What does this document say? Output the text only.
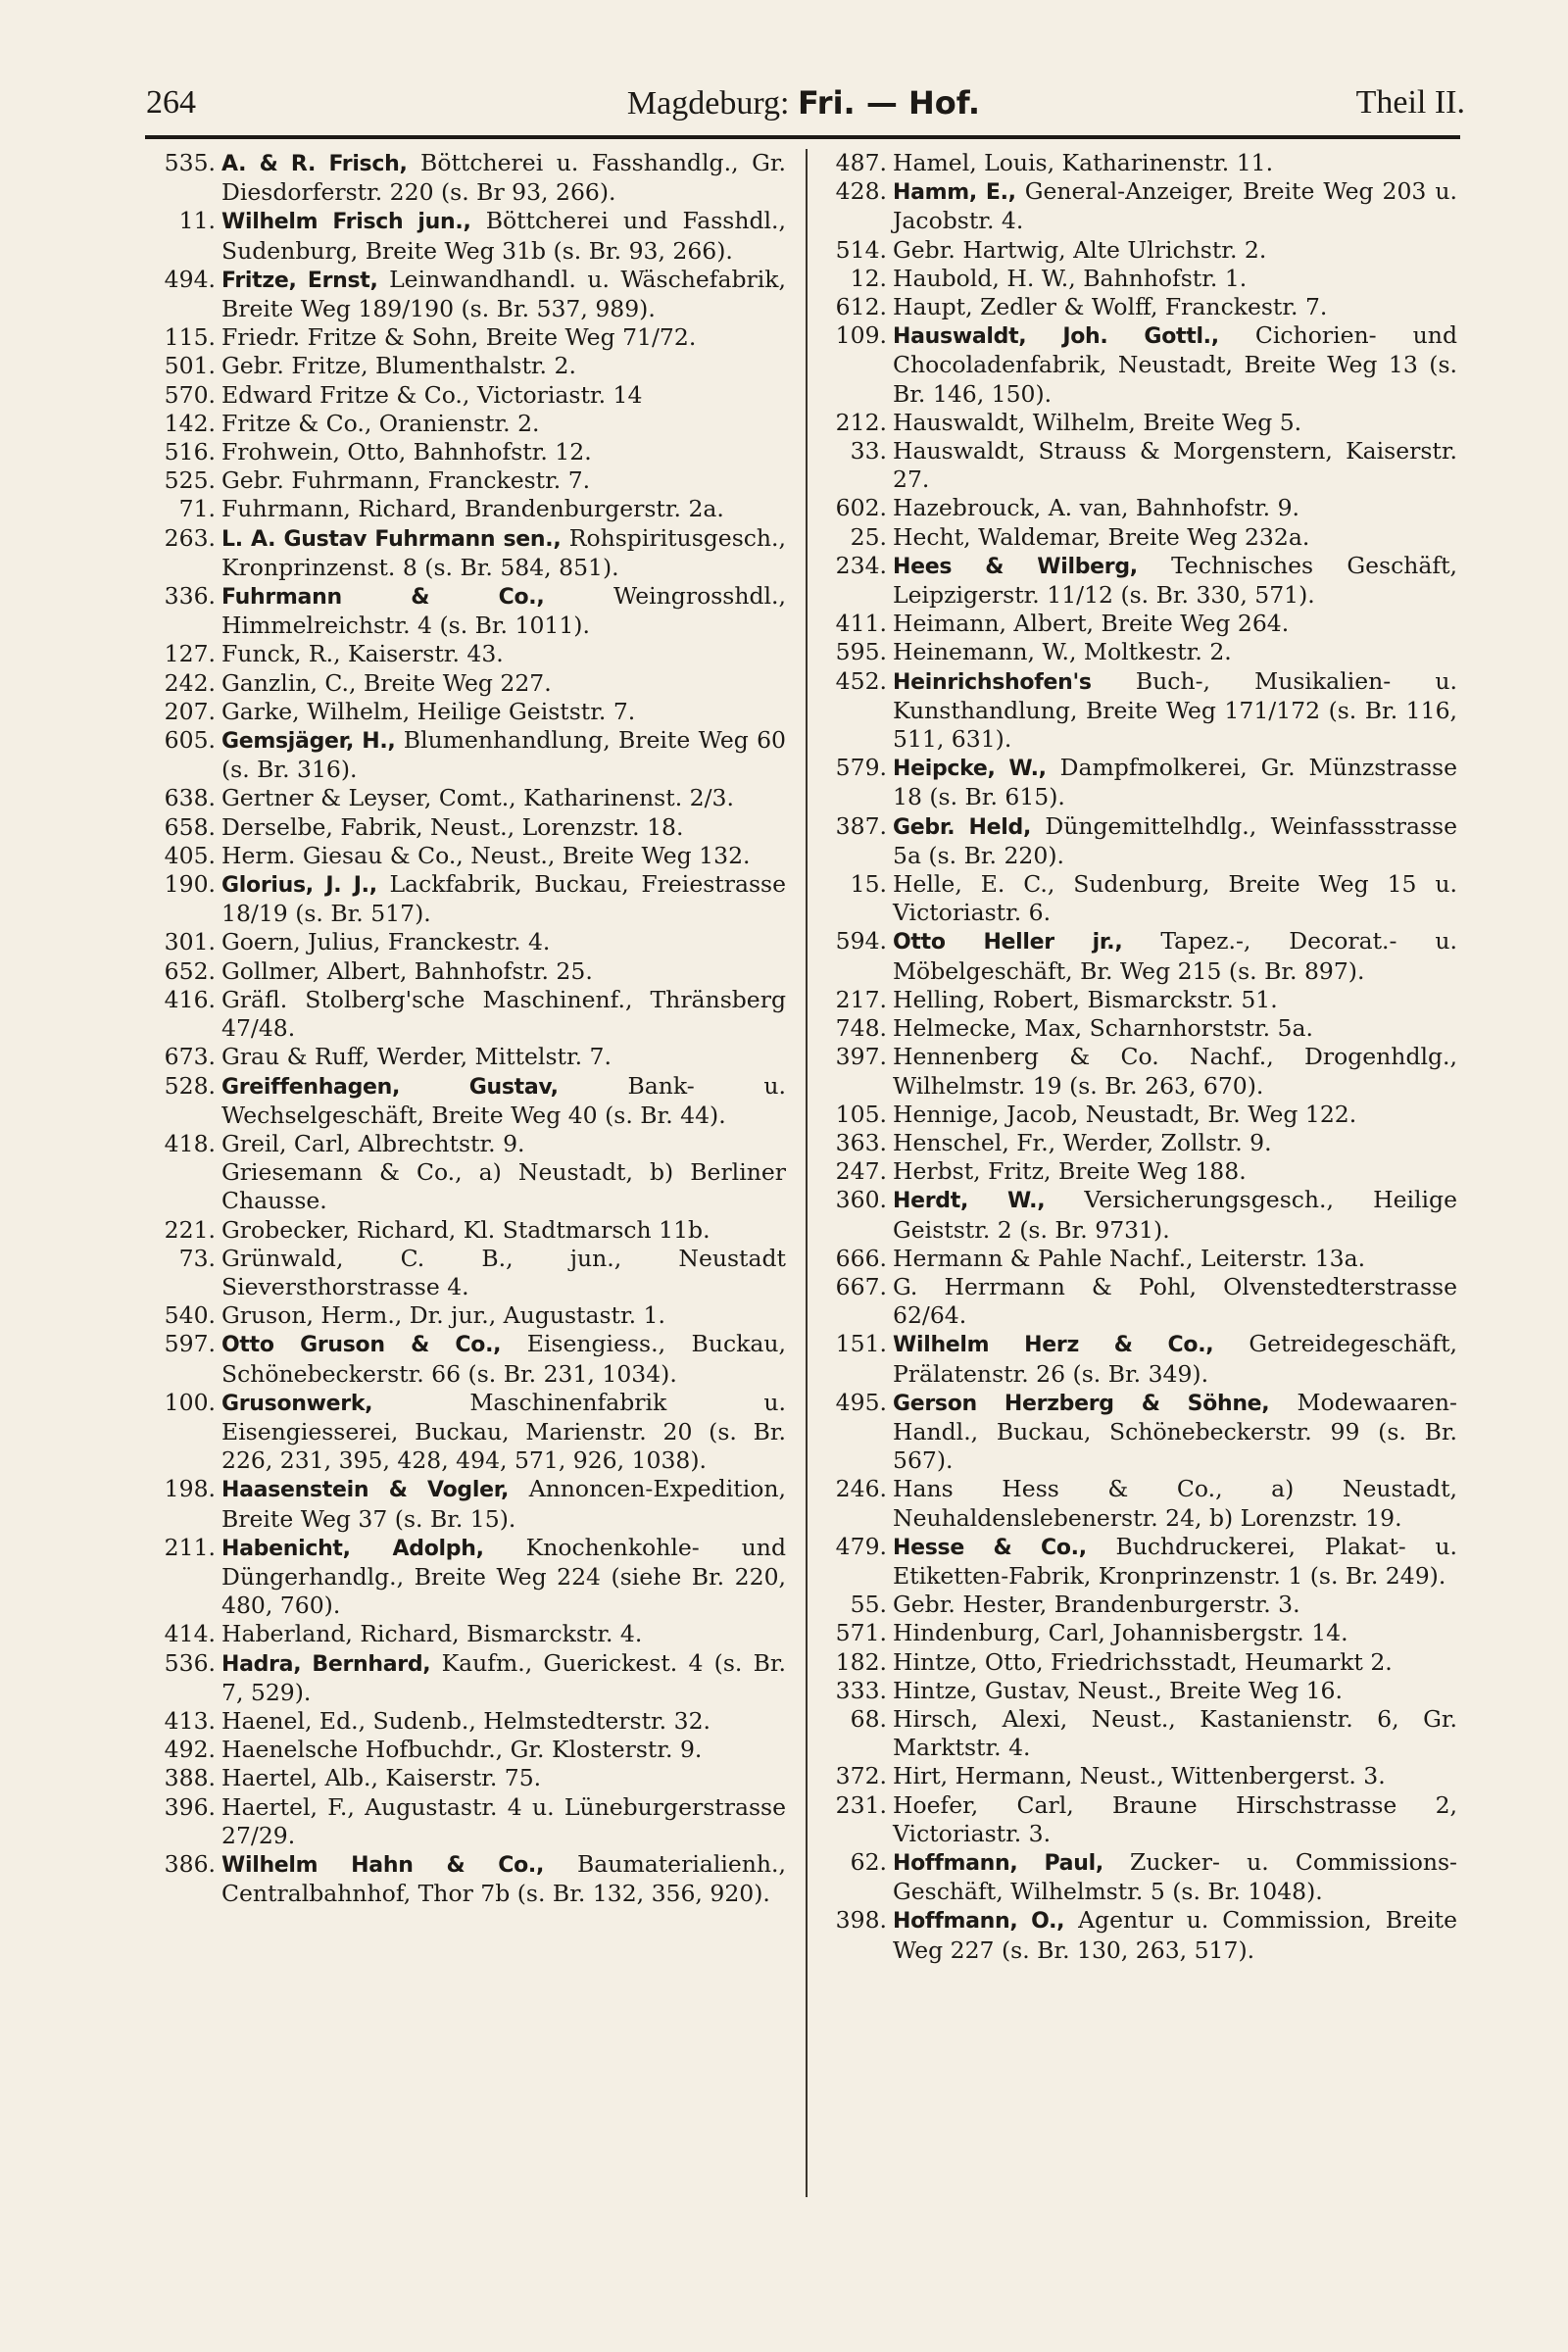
264	Magdeburg: Fri. — Hof.	Theil II.
535. A. & R. Frisch, Böttcherei u. Fasshandlg., Gr. Diesdorferstr. 220 (s. Br 93, 266).
11. Wilhelm Frisch jun., Böttcherei und Fasshdl., Sudenburg, Breite Weg 31b (s. Br. 93, 266).
494. Fritze, Ernst, Leinwandhandl. u. Wäschefabrik, Breite Weg 189/190 (s. Br. 537, 989).
115. Friedr. Fritze & Sohn, Breite Weg 71/72.
501. Gebr. Fritze, Blumenthalstr. 2.
570. Edward Fritze & Co., Victoriastr. 14
142. Fritze & Co., Oranienstr. 2.
516. Frohwein, Otto, Bahnhofstr. 12.
525. Gebr. Fuhrmann, Franckestr. 7.
71. Fuhrmann, Richard, Brandenburgerstr. 2a.
263. L. A. Gustav Fuhrmann sen., Rohspiritusgesch., Kronprinzenst. 8 (s. Br. 584, 851).
336. Fuhrmann & Co.,	Weingrosshdl., Himmelreichstr. 4 (s. Br. 1011).
127. Funck, R., Kaiserstr. 43.
242. Ganzlin, C., Breite Weg 227.
207. Garke, Wilhelm, Heilige Geiststr. 7.
605. Gemsjäger, H., Blumenhandlung, Breite Weg 60 (s. Br. 316).
638. Gertner & Leyser, Comt., Katharinenst. 2/3.
658. Derselbe, Fabrik, Neust., Lorenzstr. 18.
405. Herm. Giesau & Co., Neust., Breite Weg 132.
190. Glorius, J. J., Lackfabrik, Buckau, Freiestrasse 18/19 (s. Br. 517).
301. Goern, Julius, Franckestr. 4.
652. Gollmer, Albert, Bahnhofstr. 25.
416. Gräfl. Stolberg'sche Maschinenf., Thränsberg 47/48.
673. Grau & Ruff, Werder, Mittelstr. 7.
528. Greiffenhagen, Gustav,	Bank- u. Wechselgeschäft, Breite Weg 40 (s. Br. 44).
418. Greil, Carl, Albrechtstr. 9.
Griesemann & Co., a) Neustadt, b) Berliner Chausse.
221. Grobecker, Richard, Kl. Stadtmarsch 11b.
73. Grünwald, C. B., jun., Neustadt Sieversthorstrasse 4.
540. Gruson, Herm., Dr. jur., Augustastr. 1.
597. Otto Gruson & Co., Eisengiess., Buckau, Schönebeckerstr. 66 (s. Br. 231, 1034).
100. Grusonwerk,	Maschinenfabrik u. Eisengiesserei, Buckau, Marienstr. 20 (s. Br. 226, 231, 395, 428, 494, 571, 926, 1038).
198. Haasenstein & Vogler, Annoncen-Expedition, Breite Weg 37 (s. Br. 15).
211. Habenicht, Adolph, Knochenkohle- und Düngerhandlg., Breite Weg 224 (siehe Br. 220, 480, 760).
414. Haberland, Richard, Bismarckstr. 4.
536. Hadra, Bernhard, Kaufm., Guerickest. 4 (s. Br. 7, 529).
413. Haenel, Ed., Sudenb., Helmstedterstr. 32.
492. Haenelsche Hofbuchdr., Gr. Klosterstr. 9.
388. Haertel, Alb., Kaiserstr. 75.
396. Haertel, F., Augustastr. 4 u. Lüneburgerstrasse 27/29.
386. Wilhelm Hahn & Co., Baumaterialienh., Centralbahnhof, Thor 7b (s. Br. 132, 356, 920).
487. Hamel, Louis, Katharinenstr. 11.
428. Hamm, E., General-Anzeiger, Breite Weg 203 u. Jacobstr. 4.
514. Gebr. Hartwig, Alte Ulrichstr. 2.
12. Haubold, H. W., Bahnhofstr. 1.
612. Haupt, Zedler & Wolff, Franckestr. 7.
109. Hauswaldt, Joh. Gottl., Cichorien- und Chocoladenfabrik, Neustadt, Breite Weg 13 (s. Br. 146, 150).
212. Hauswaldt, Wilhelm, Breite Weg 5.
33. Hauswaldt, Strauss & Morgenstern, Kaiserstr. 27.
602. Hazebrouck, A. van, Bahnhofstr. 9.
25. Hecht, Waldemar, Breite Weg 232a.
234. Hees & Wilberg, Technisches Geschäft, Leipzigerstr. 11/12 (s. Br. 330, 571).
411. Heimann, Albert, Breite Weg 264.
595. Heinemann, W., Moltkestr. 2.
452. Heinrichshofen's Buch-, Musikalien- u. Kunsthandlung, Breite Weg 171/172 (s. Br. 116, 511, 631).
579. Heipcke, W., Dampfmolkerei, Gr. Münzstrasse 18 (s. Br. 615).
387. Gebr. Held, Düngemittelhdlg., Weinfassstrasse 5a (s. Br. 220).
15. Helle, E. C., Sudenburg, Breite Weg 15 u. Victoriastr. 6.
594. Otto Heller jr., Tapez.-, Decorat.- u. Möbelgeschäft, Br. Weg 215 (s. Br. 897).
217. Helling, Robert, Bismarckstr. 51.
748. Helmecke, Max, Scharnhorststr. 5a.
397. Hennenberg & Co. Nachf., Drogenhdlg., Wilhelmstr. 19 (s. Br. 263, 670).
105. Hennige, Jacob, Neustadt, Br. Weg 122.
363. Henschel, Fr., Werder, Zollstr. 9.
247. Herbst, Fritz, Breite Weg 188.
360. Herdt, W., Versicherungsgesch., Heilige Geiststr. 2 (s. Br. 9731).
666. Hermann & Pahle Nachf., Leiterstr. 13a.
667. G. Herrmann & Pohl, Olvenstedterstrasse 62/64.
151. Wilhelm Herz & Co., Getreidegeschäft, Prälatenstr. 26 (s. Br. 349).
495. Gerson Herzberg & Söhne, Modewaaren-Handl., Buckau, Schönebeckerstr. 99 (s. Br. 567).
246. Hans Hess & Co., a) Neustadt, Neuhaldenslebenerstr. 24, b) Lorenzstr. 19.
479. Hesse & Co., Buchdruckerei, Plakat- u. Etiketten-Fabrik, Kronprinzenstr. 1 (s. Br. 249).
55. Gebr. Hester, Brandenburgerstr. 3.
571. Hindenburg, Carl, Johannisbergstr. 14.
182. Hintze, Otto, Friedrichsstadt, Heumarkt 2.
333. Hintze, Gustav, Neust., Breite Weg 16.
68. Hirsch, Alexi, Neust., Kastanienstr. 6, Gr. Marktstr. 4.
372. Hirt, Hermann, Neust., Wittenbergerst. 3.
231. Hoefer, Carl, Braune Hirschstrasse 2, Victoriastr. 3.
62. Hoffmann, Paul, Zucker- u. Commissions-Geschäft, Wilhelmstr. 5 (s. Br. 1048).
398. Hoffmann, O., Agentur u. Commission, Breite Weg 227 (s. Br. 130, 263, 517).
